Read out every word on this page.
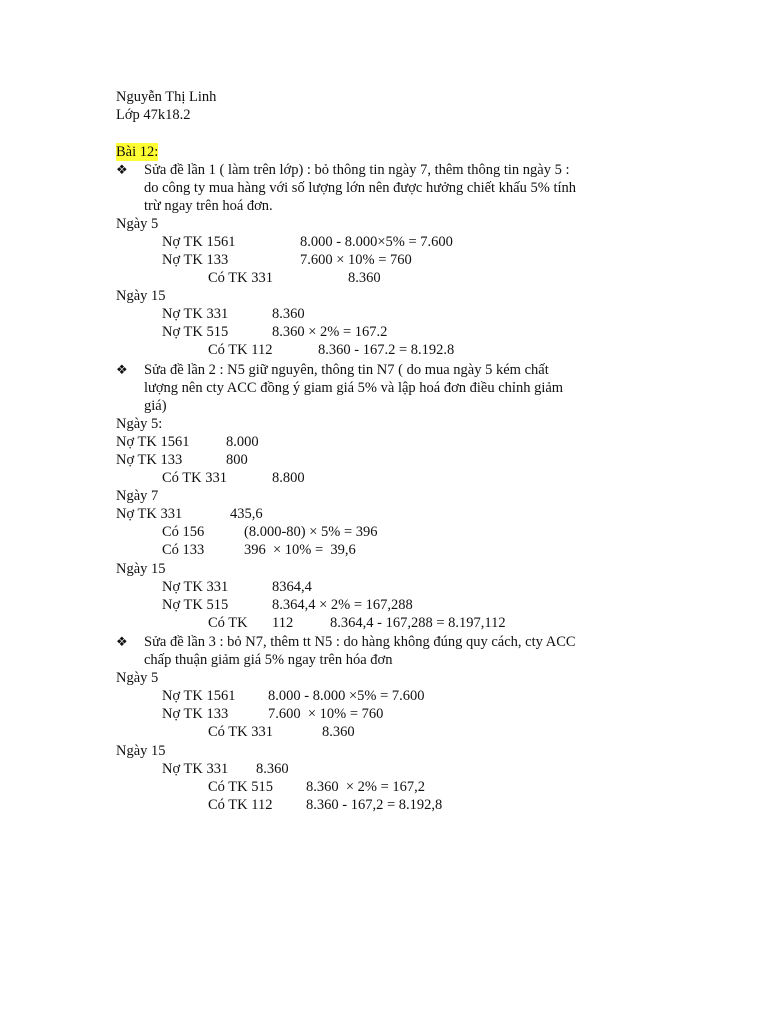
Nguyễn Thị Linh
Lớp 47k18.2
Bài 12:

❖

Sửa đề lần 1 ( làm trên lớp) : bỏ thông tin ngày 7, thêm thông tin ngày 5 :

do công ty mua hàng với số lượng lớn nên được hưởng chiết khấu 5% tính
trừ ngay trên hoá đơn.
Ngày 5
Nợ TK 1561	8.000 - 8.000×5% = 7.600
Nợ TK 133	7.600 × 10% = 760
Có TK 331	8.360
Ngày 15
Nợ TK 331	8.360
Nợ TK 515	8.360 × 2% = 167.2
Có TK 112	8.360 - 167.2 = 8.192.8

❖

Sửa đề lần 2 : N5 giữ nguyên, thông tin N7 ( do mua ngày 5 kém chất

lượng nên cty ACC đồng ý giam giá 5% và lập hoá đơn điều chỉnh giảm
giá)
Ngày 5:
Nợ TK 1561	8.000
Nợ TK 133	800
Có TK 331	8.800
Ngày 7
Nợ TK 331	435,6
Có 156	(8.000-80) × 5% = 396
Có 133	396  × 10% =  39,6
Ngày 15
Nợ TK 331	8364,4
Nợ TK 515	8.364,4 × 2% = 167,288
Có TK 112	8.364,4 - 167,288 = 8.197,112

❖

Sửa đề lần 3 : bỏ N7, thêm tt N5 : do hàng không đúng quy cách, cty ACC

chấp thuận giảm giá 5% ngay trên hóa đơn
Ngày 5
Nợ TK 1561 8.000 - 8.000 ×5% = 7.600
Nợ TK 133	7.600  × 10% = 760
Có TK 331	8.360
Ngày 15
Nợ TK 331 8.360
Có TK 515 8.360  × 2% = 167,2
Có TK 112 8.360 - 167,2 = 8.192,8
